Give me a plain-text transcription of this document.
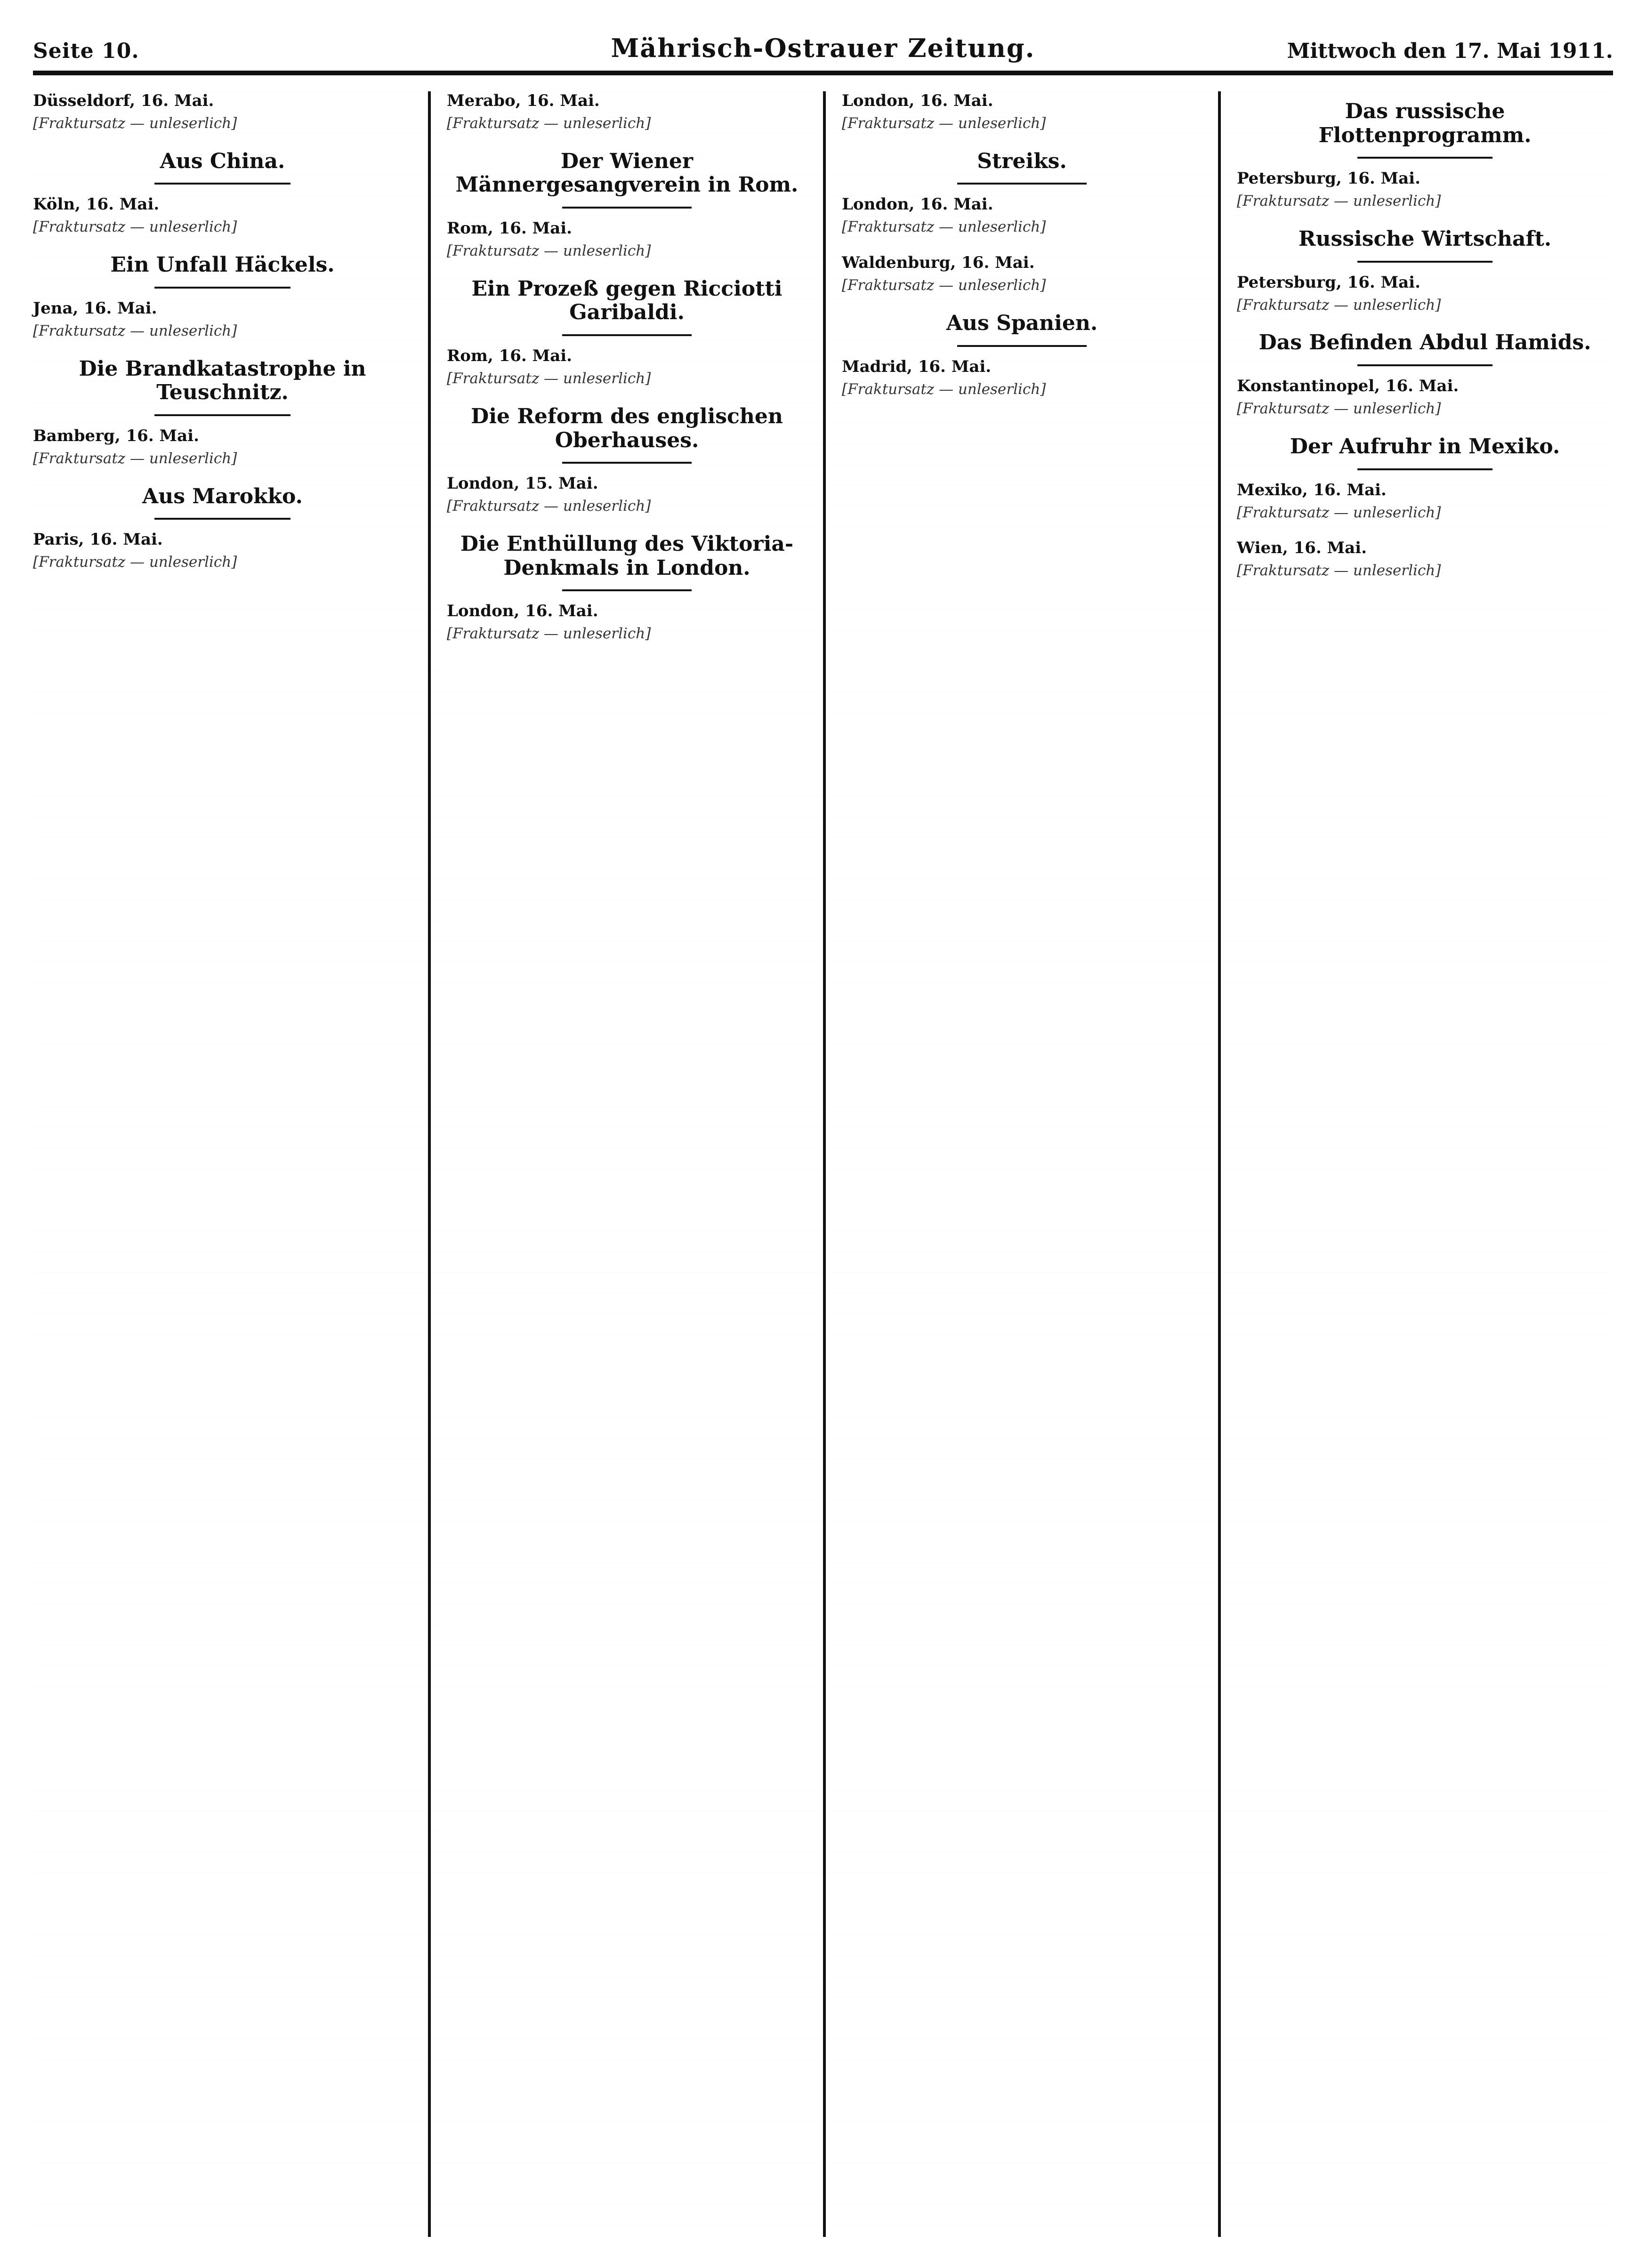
Seite 10.	Mährisch-Ostrauer Zeitung.	Mittwoch den 17. Mai 1911.
Düsseldorf, 16. Mai.
[Fraktursatz — unleserlich]
Aus China.
Köln, 16. Mai.
[Fraktursatz — unleserlich]
Ein Unfall Häckels.
Jena, 16. Mai.
[Fraktursatz — unleserlich]
Die Brandkatastrophe in Teuschnitz.
Bamberg, 16. Mai.
[Fraktursatz — unleserlich]
Aus Marokko.
Paris, 16. Mai.
[Fraktursatz — unleserlich]
Merabo, 16. Mai.
[Fraktursatz — unleserlich]
Der Wiener Männergesangverein in Rom.
Rom, 16. Mai.
[Fraktursatz — unleserlich]
Ein Prozeß gegen Ricciotti Garibaldi.
Rom, 16. Mai.
[Fraktursatz — unleserlich]
Die Reform des englischen Oberhauses.
London, 15. Mai.
[Fraktursatz — unleserlich]
Die Enthüllung des Viktoria-Denkmals in London.
London, 16. Mai.
[Fraktursatz — unleserlich]
London, 16. Mai.
[Fraktursatz — unleserlich]
Streiks.
London, 16. Mai.
[Fraktursatz — unleserlich]
Waldenburg, 16. Mai.
[Fraktursatz — unleserlich]
Aus Spanien.
Madrid, 16. Mai.
[Fraktursatz — unleserlich]
Das russische Flottenprogramm.
Petersburg, 16. Mai.
[Fraktursatz — unleserlich]
Russische Wirtschaft.
Petersburg, 16. Mai.
[Fraktursatz — unleserlich]
Das Befinden Abdul Hamids.
Konstantinopel, 16. Mai.
[Fraktursatz — unleserlich]
Der Aufruhr in Mexiko.
Mexiko, 16. Mai.
[Fraktursatz — unleserlich]
Wien, 16. Mai.
[Fraktursatz — unleserlich]
